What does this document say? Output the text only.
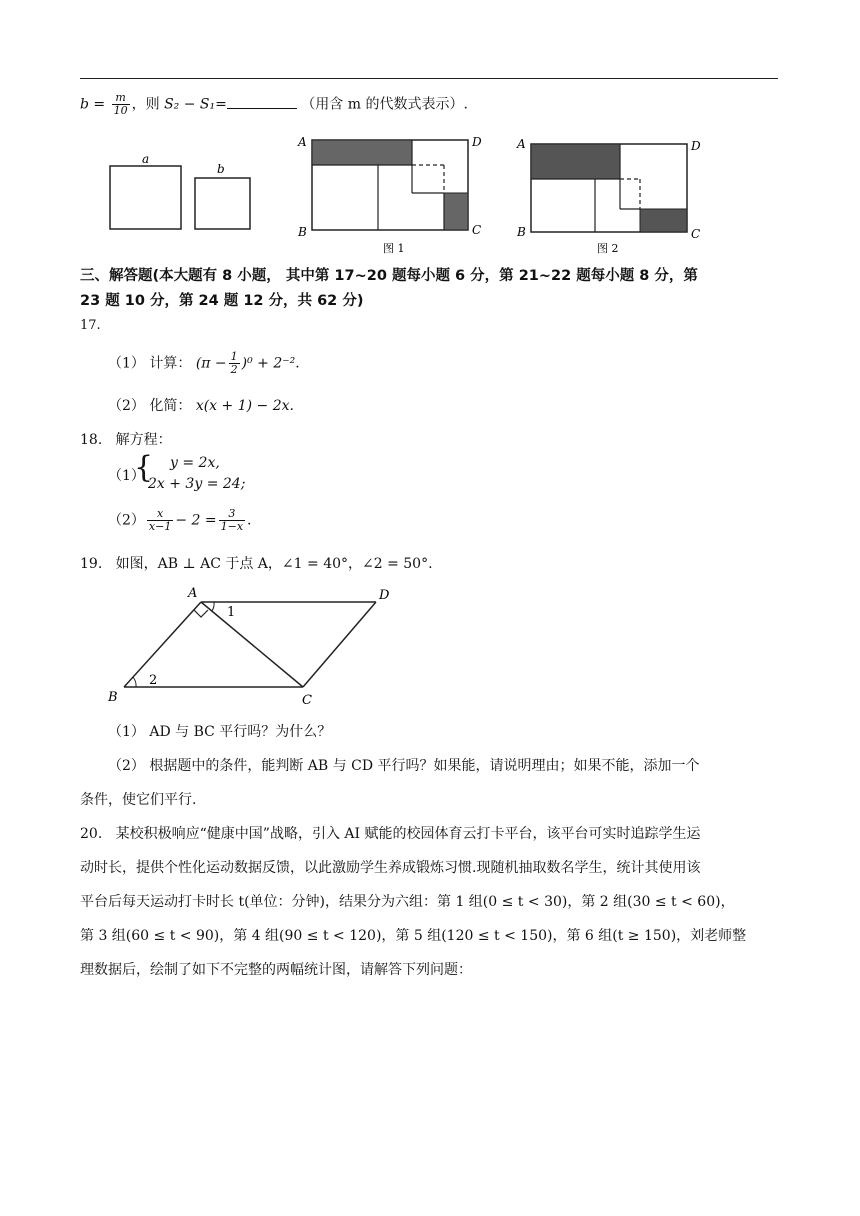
$b = \frac{m}{10}$ ，则 S₂ − S₁=	（用含 m 的代数式表示）.
a
b
A	D
B	C
图 1
A	D
B	C
图 2
三、解答题(本大题有 8 小题， 其中第 17~20 题每小题 6 分，第 21~22 题每小题 8 分，第
23 题 10 分，第 24 题 12 分，共 62 分)
17.
（1） 计算： $(\pi - \frac{1}{2} )^0 + 2^{-2}$.
（2） 化简： x(x + 1) − 2x.
18. 解方程：
（1）
{ y = 2x,
2x + 3y = 24;
$(2) \frac{x}{x-1} - 2 = \frac{3}{1-x}$ .
19. 如图，AB ⊥ AC 于点 A，∠1 = 40°，∠2 = 50°.
A	D
B	C
1
2
（1） AD 与 BC 平行吗？为什么？
（2） 根据题中的条件，能判断 AB 与 CD 平行吗？如果能，请说明理由；如果不能，添加一个
条件，使它们平行.
20. 某校积极响应“健康中国”战略，引入 AI 赋能的校园体育云打卡平台，该平台可实时追踪学生运
动时长，提供个性化运动数据反馈，以此激励学生养成锻炼习惯.现随机抽取数名学生，统计其使用该
平台后每天运动打卡时长 t(单位：分钟)，结果分为六组：第 1 组(0 ≤ t < 30)，第 2 组(30 ≤ t < 60)，
第 3 组(60 ≤ t < 90)，第 4 组(90 ≤ t < 120)，第 5 组(120 ≤ t < 150)，第 6 组(t ≥ 150)，刘老师整
理数据后，绘制了如下不完整的两幅统计图，请解答下列问题：
